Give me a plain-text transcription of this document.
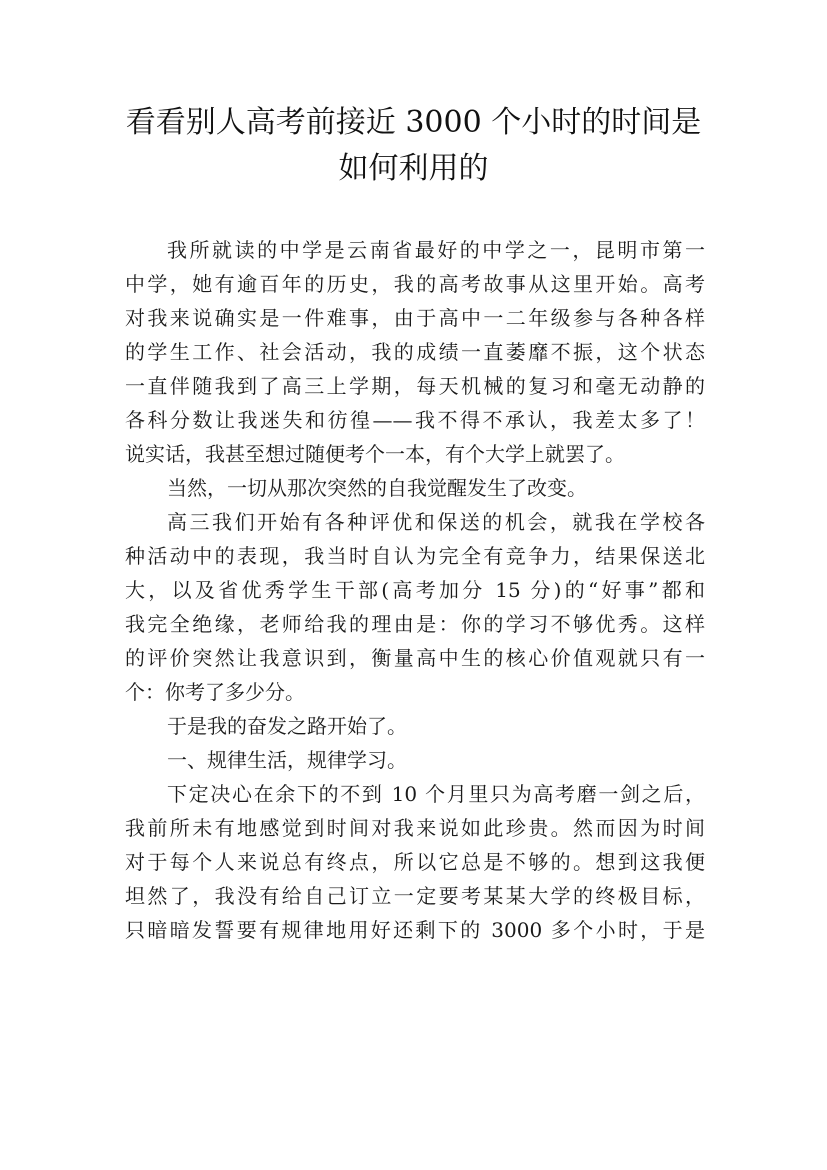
看看别人高考前接近 3000 个小时的时间是
如何利用的

我所就读的中学是云南省最好的中学之一，昆明市第一
中学，她有逾百年的历史，我的高考故事从这里开始。高考
对我来说确实是一件难事，由于高中一二年级参与各种各样
的学生工作、社会活动，我的成绩一直萎靡不振，这个状态
一直伴随我到了高三上学期，每天机械的复习和毫无动静的
各科分数让我迷失和彷徨——我不得不承认，我差太多了！
说实话，我甚至想过随便考个一本，有个大学上就罢了。

当然，一切从那次突然的自我觉醒发生了改变。

高三我们开始有各种评优和保送的机会，就我在学校各
种活动中的表现，我当时自认为完全有竞争力，结果保送北
大，以及省优秀学生干部(高考加分 15 分)的“好事”都和
我完全绝缘，老师给我的理由是：你的学习不够优秀。这样
的评价突然让我意识到，衡量高中生的核心价值观就只有一
个：你考了多少分。

于是我的奋发之路开始了。

一、规律生活，规律学习。

下定决心在余下的不到 10 个月里只为高考磨一剑之后，
我前所未有地感觉到时间对我来说如此珍贵。然而因为时间
对于每个人来说总有终点，所以它总是不够的。想到这我便
坦然了，我没有给自己订立一定要考某某大学的终极目标，
只暗暗发誓要有规律地用好还剩下的 3000 多个小时，于是
